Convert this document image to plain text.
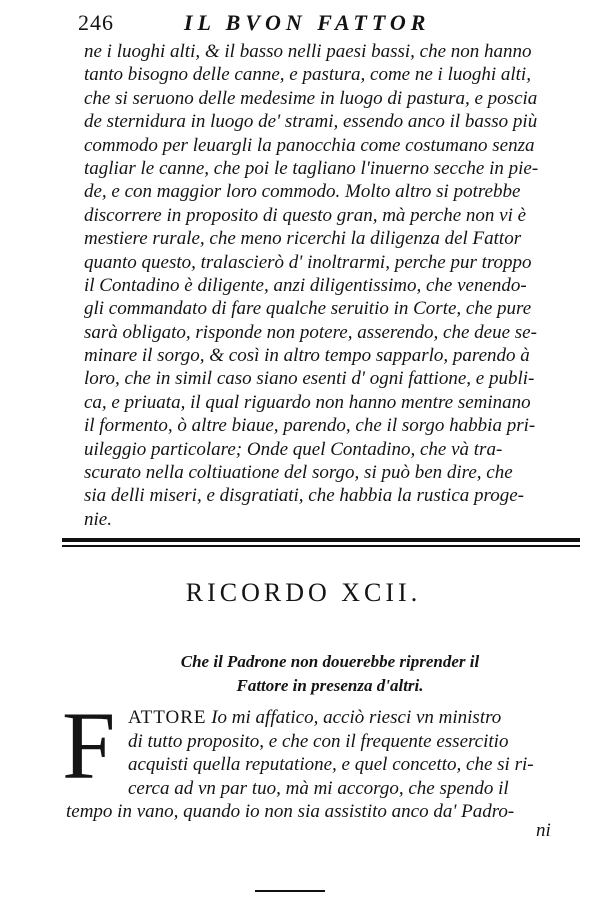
246	IL BVON FATTOR
ne i luoghi alti, & il basso nelli paesi bassi, che non hanno
tanto bisogno delle canne, e pastura, come ne i luoghi alti,
che si seruono delle medesime in luogo di pastura, e poscia
de sternidura in luogo de' strami, essendo anco il basso più
commodo per leuargli la panocchia come costumano senza
tagliar le canne, che poi le tagliano l'inuerno secche in pie-
de, e con maggior loro commodo. Molto altro si potrebbe
discorrere in proposito di questo gran, mà perche non vi è
mestiere rurale, che meno ricerchi la diligenza del Fattor
quanto questo, tralascierò d' inoltrarmi, perche pur troppo
il Contadino è diligente, anzi diligentissimo, che venendo-
gli commandato di fare qualche seruitio in Corte, che pure
sarà obligato, risponde non potere, asserendo, che deue se-
minare il sorgo, & così in altro tempo sapparlo, parendo à
loro, che in simil caso siano esenti d' ogni fattione, e publi-
ca, e priuata, il qual riguardo non hanno mentre seminano
il formento, ò altre biaue, parendo, che il sorgo habbia pri-
uileggio particolare; Onde quel Contadino, che và tra-
scurato nella coltiuatione del sorgo, si può ben dire, che
sia delli miseri, e disgratiati, che habbia la rustica proge-
nie.
RICORDO XCII.
Che il Padrone non douerebbe riprender il
Fattore in presenza d'altri.
F ATTORE Io mi affatico, acciò riesci vn ministro
di tutto proposito, e che con il frequente essercitio
acquisti quella reputatione, e quel concetto, che si ri-
cerca ad vn par tuo, mà mi accorgo, che spendo il
tempo in vano, quando io non sia assistito anco da' Padro-
ni
